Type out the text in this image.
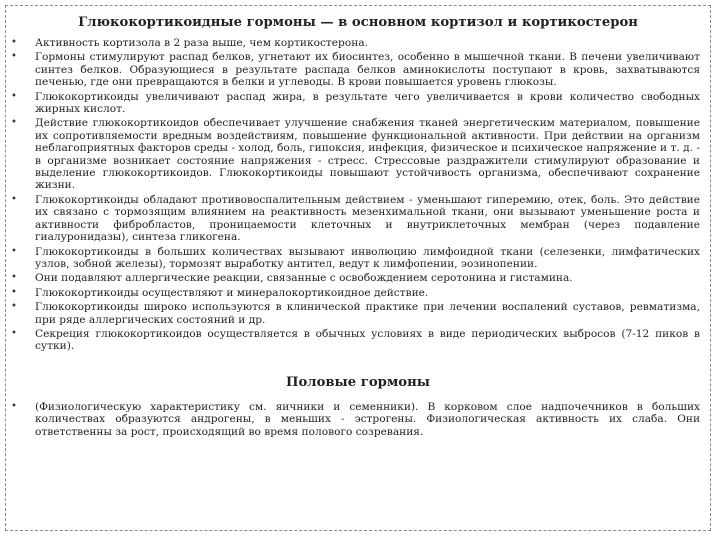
Глюкокортикоидные гормоны — в основном кортизол и кортикостерон
• Активность кортизола в 2 раза выше, чем кортикостерона.
• Гормоны стимулируют распад белков, угнетают их биосинтез, особенно в мышечной ткани. В печени увеличивают синтез белков. Образующиеся в результате распада белков аминокислоты поступают в кровь, захватываются печенью, где они превращаются в белки и углеводы. В крови повышается уровень глюкозы.
• Глюкокортикоиды увеличивают распад жира, в результате чего увеличивается в крови количество свободных жирных кислот.
• Действие глюкокортикоидов обеспечивает улучшение снабжения тканей энергетическим материалом, повышение их сопротивляемости вредным воздействиям, повышение функциональной активности. При действии на организм неблагоприятных факторов среды - холод, боль, гипоксия, инфекция, физическое и психическое напряжение и т. д. - в организме возникает состояние напряжения - стресс. Стрессовые раздражители стимулируют образование и выделение глюкокортикоидов. Глюкокортикоиды повышают устойчивость организма, обеспечивают сохранение жизни.
• Глюкокортикоиды обладают противовоспалительным действием - уменьшают гиперемию, отек, боль. Это действие их связано с тормозящим влиянием на реактивность мезенхимальной ткани, они вызывают уменьшение роста и активности фибробластов, проницаемости клеточных и внутриклеточных мембран (через подавление гиалуронидазы), синтеза гликогена.
• Глюкокортикоиды в больших количествах вызывают инволюцию лимфоидной ткани (селезенки, лимфатических узлов, зобной железы), тормозят выработку антител, ведут к лимфопении, эозинопении.
• Они подавляют аллергические реакции, связанные с освобождением серотонина и гистамина.
• Глюкокортикоиды осуществляют и минералокортикоидное действие.
• Глюкокортикоиды широко используются в клинической практике при лечении воспалений суставов, ревматизма, при ряде аллергических состояний и др.
• Секреция глюкокортикоидов осуществляется в обычных условиях в виде периодических выбросов (7-12 пиков в сутки).
Половые гормоны
• (Физиологическую характеристику см. яичники и семенники). В корковом слое надпочечников в больших количествах образуются андрогены, в меньших - эстрогены. Физиологическая активность их слаба. Они ответственны за рост, происходящий во время полового созревания.
